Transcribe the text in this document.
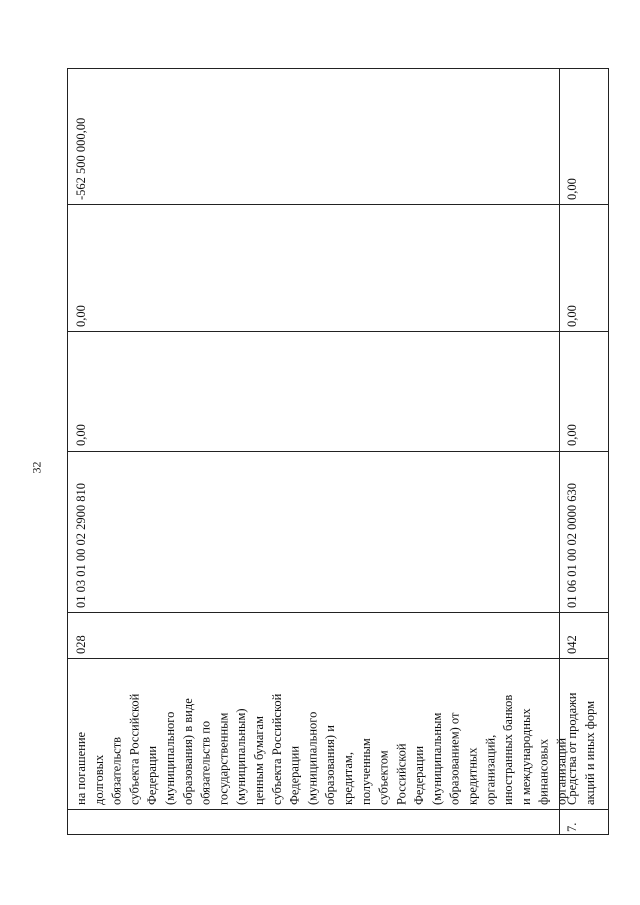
32
на погашение долговых обязательств субъекта Российской Федерации (муниципального образования) в виде обязательств по государственным (муниципальным) ценным бумагам субъекта Российской Федерации (муниципального образования) и кредитам, полученным субъектом Российской Федерации (муниципальным образованием) от кредитных организаций, иностранных банков и международных финансовых организаций
028
01 03 01 00 02 2900 810
0,00
0,00
-562 500 000,00
7.
Средства от продажи акций и иных форм
042
01 06 01 00 02 0000 630
0,00
0,00
0,00
